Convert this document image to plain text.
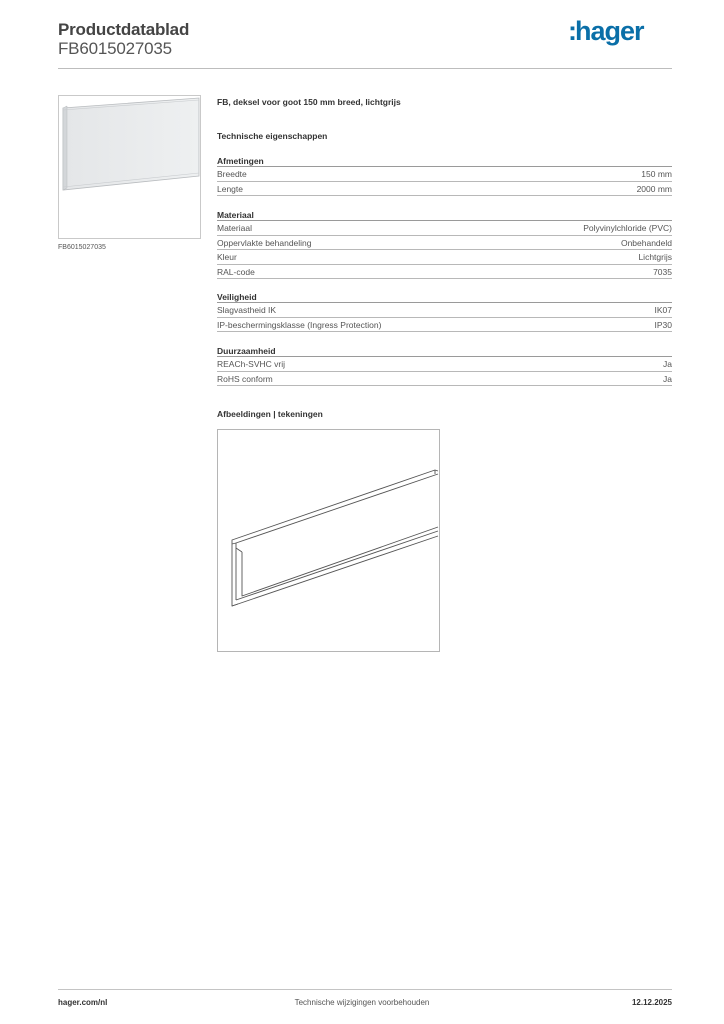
Productdatablad
FB6015027035
:hager
FB6015027035
FB, deksel voor goot 150 mm breed, lichtgrijs
Technische eigenschappen
Afmetingen
Breedte	150 mm
Lengte	2000 mm
Materiaal
Materiaal	Polyvinylchloride (PVC)
Oppervlakte behandeling	Onbehandeld
Kleur	Lichtgrijs
RAL-code	7035
Veiligheid
Slagvastheid IK	IK07
IP-beschermingsklasse (Ingress Protection)	IP30
Duurzaamheid
REACh-SVHC vrij	Ja
RoHS conform	Ja
Afbeeldingen | tekeningen
hager.com/nl	Technische wijzigingen voorbehouden	12.12.2025
